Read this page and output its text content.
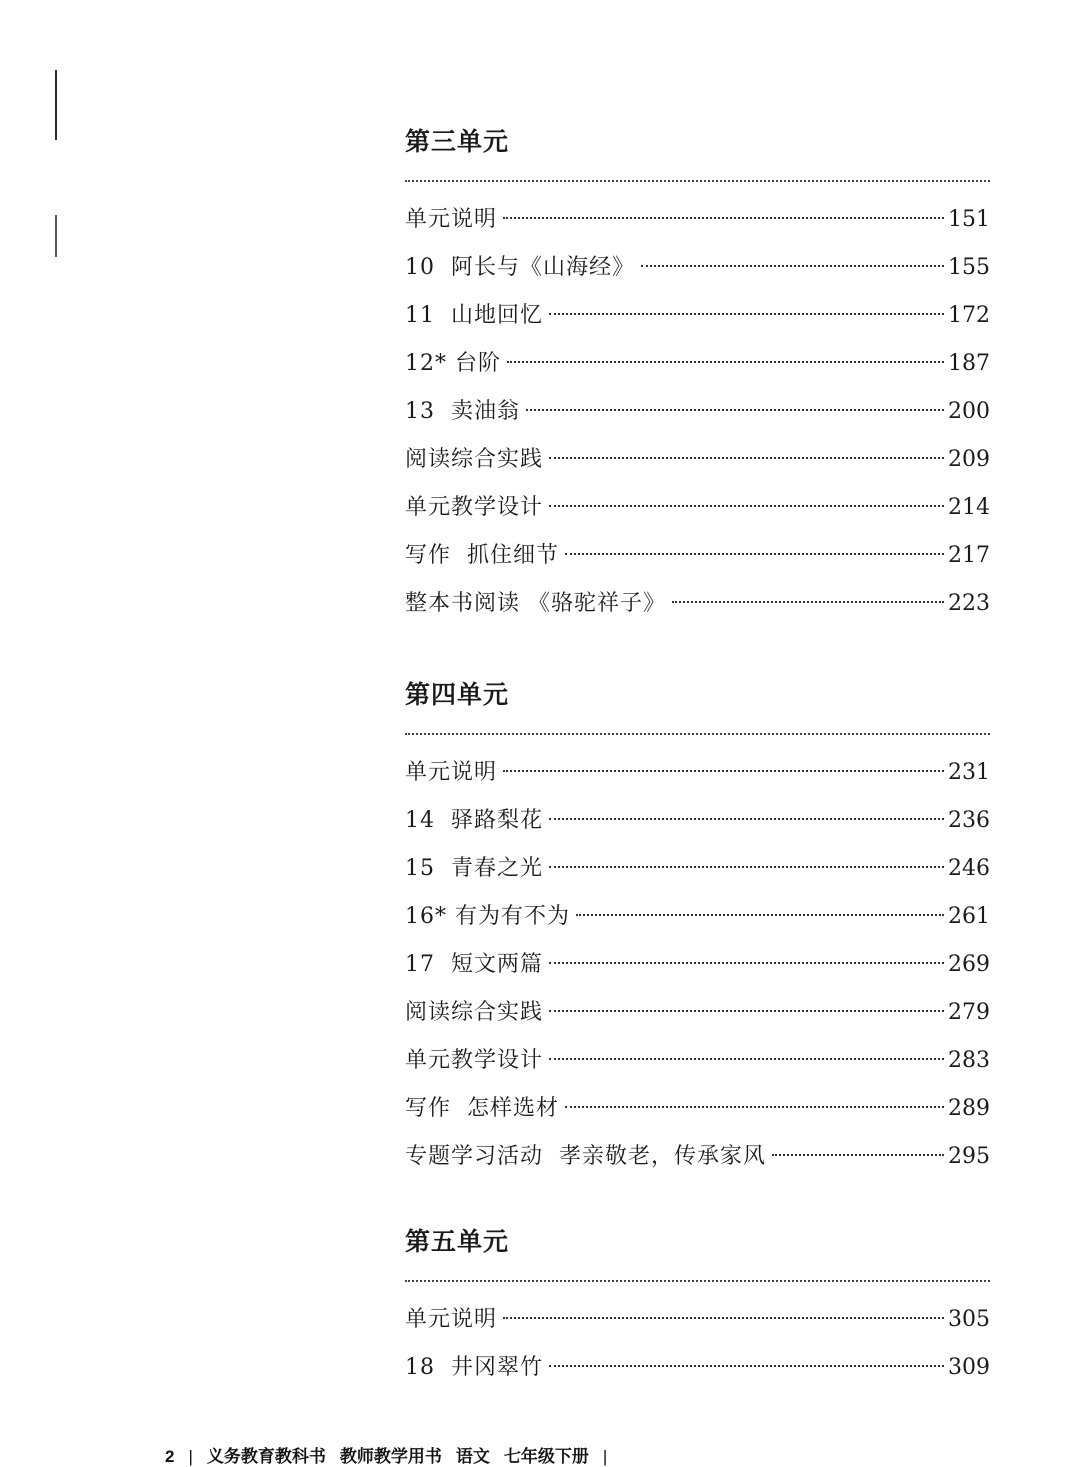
第三单元
单元说明	151
10  阿长与《山海经》	155
11  山地回忆	172
12* 台阶	187
13  卖油翁	200
阅读综合实践	209
单元教学设计	214
写作  抓住细节	217
整本书阅读 《骆驼祥子》	223
第四单元
单元说明	231
14  驿路梨花	236
15  青春之光	246
16* 有为有不为	261
17  短文两篇	269
阅读综合实践	279
单元教学设计	283
写作  怎样选材	289
专题学习活动  孝亲敬老，传承家风	295
第五单元
单元说明	305
18  井冈翠竹	309
2 | 义务教育教科书 教师教学用书 语文 七年级下册 |
